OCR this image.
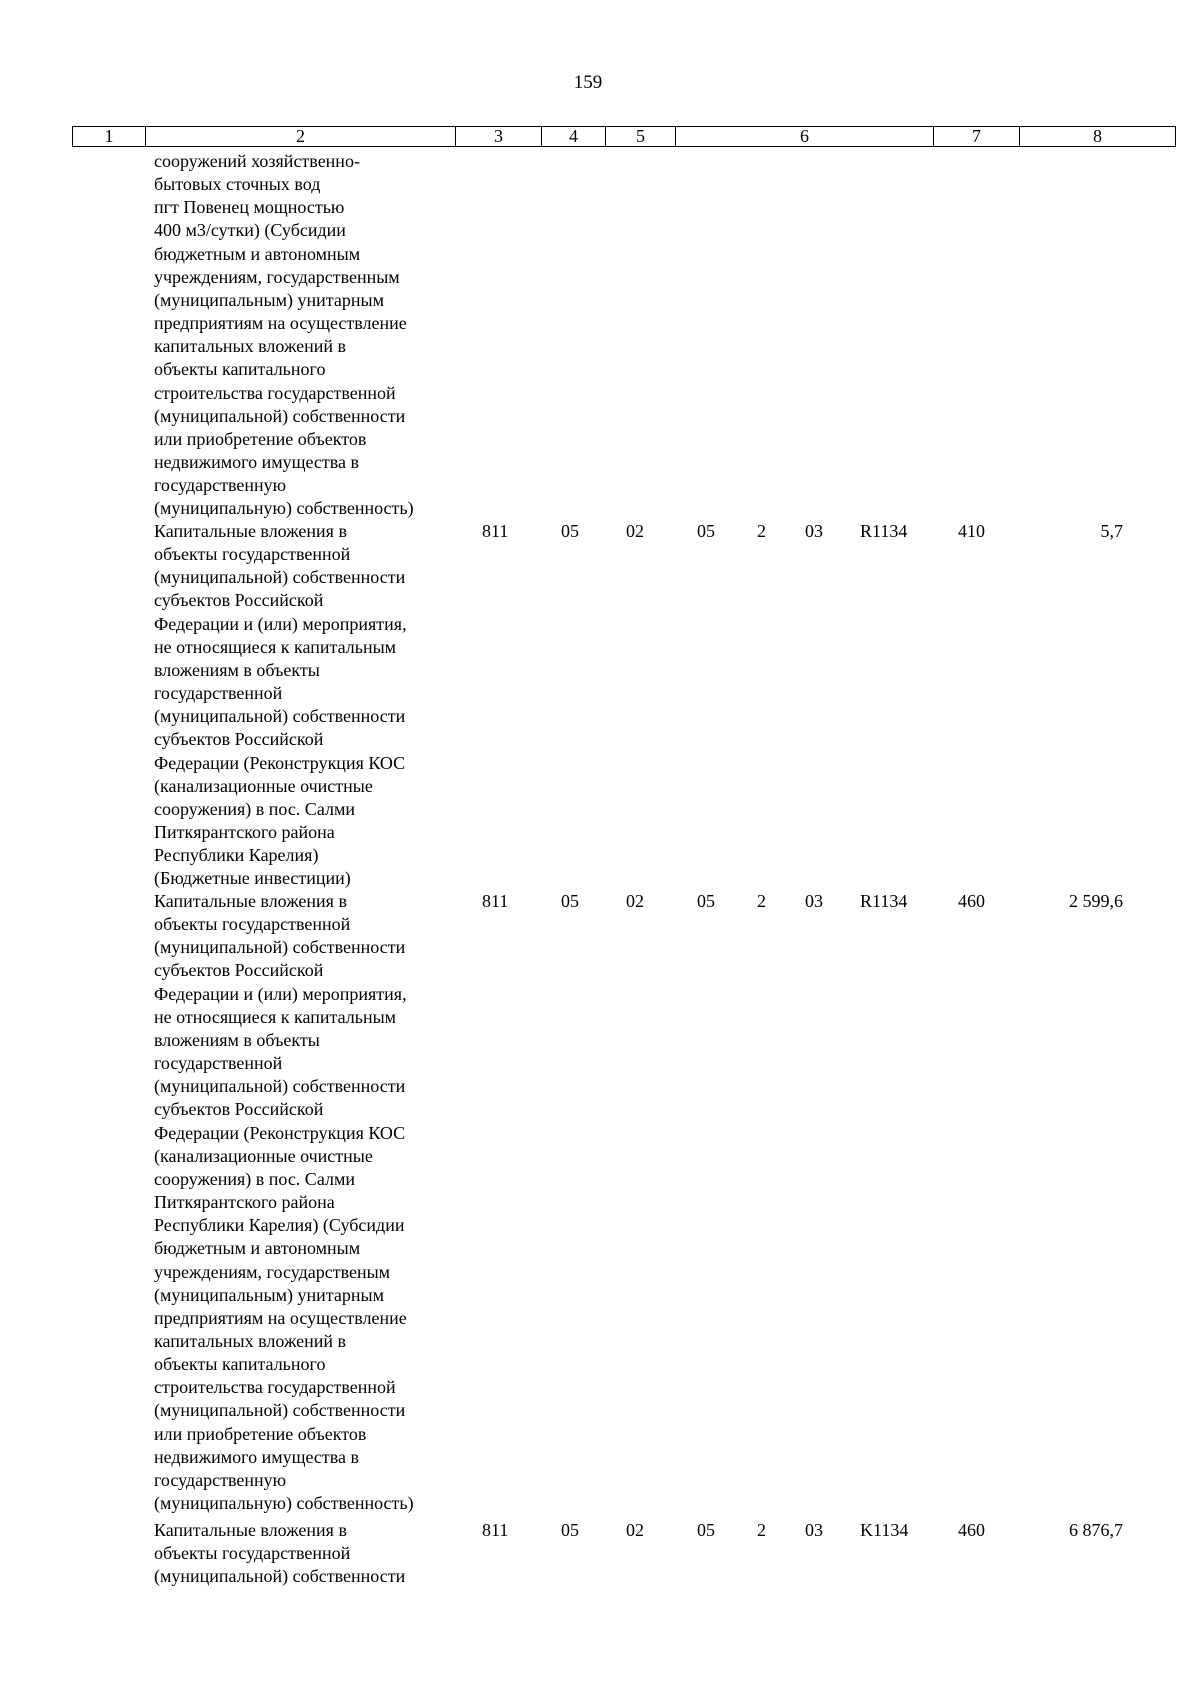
159
1	2	3	4	5	6	7	8
сооружений хозяйственно-
бытовых сточных вод
пгт Повенец мощностью
400 м3/сутки) (Субсидии
бюджетным и автономным
учреждениям, государственным
(муниципальным) унитарным
предприятиям на осуществление
капитальных вложений в
объекты капитального
строительства государственной
(муниципальной) собственности
или приобретение объектов
недвижимого имущества в
государственную
(муниципальную) собственность)
Капитальные вложения в
объекты государственной
(муниципальной) собственности
субъектов Российской
Федерации и (или) мероприятия,
не относящиеся к капитальным
вложениям в объекты
государственной
(муниципальной) собственности
субъектов Российской
Федерации (Реконструкция КОС
(канализационные очистные
сооружения) в пос. Салми
Питкярантского района
Республики Карелия)
(Бюджетные инвестиции)
811	05	02	05 2 03 R1134	410	5,7
Капитальные вложения в
объекты государственной
(муниципальной) собственности
субъектов Российской
Федерации и (или) мероприятия,
не относящиеся к капитальным
вложениям в объекты
государственной
(муниципальной) собственности
субъектов Российской
Федерации (Реконструкция КОС
(канализационные очистные
сооружения) в пос. Салми
Питкярантского района
Республики Карелия) (Субсидии
бюджетным и автономным
учреждениям, государственым
(муниципальным) унитарным
предприятиям на осуществление
капитальных вложений в
объекты капитального
строительства государственной
(муниципальной) собственности
или приобретение объектов
недвижимого имущества в
государственную
(муниципальную) собственность)
811	05	02	05 2 03 R1134	460	2 599,6
Капитальные вложения в
объекты государственной
(муниципальной) собственности
811	05	02	05 2 03 K1134	460	6 876,7
